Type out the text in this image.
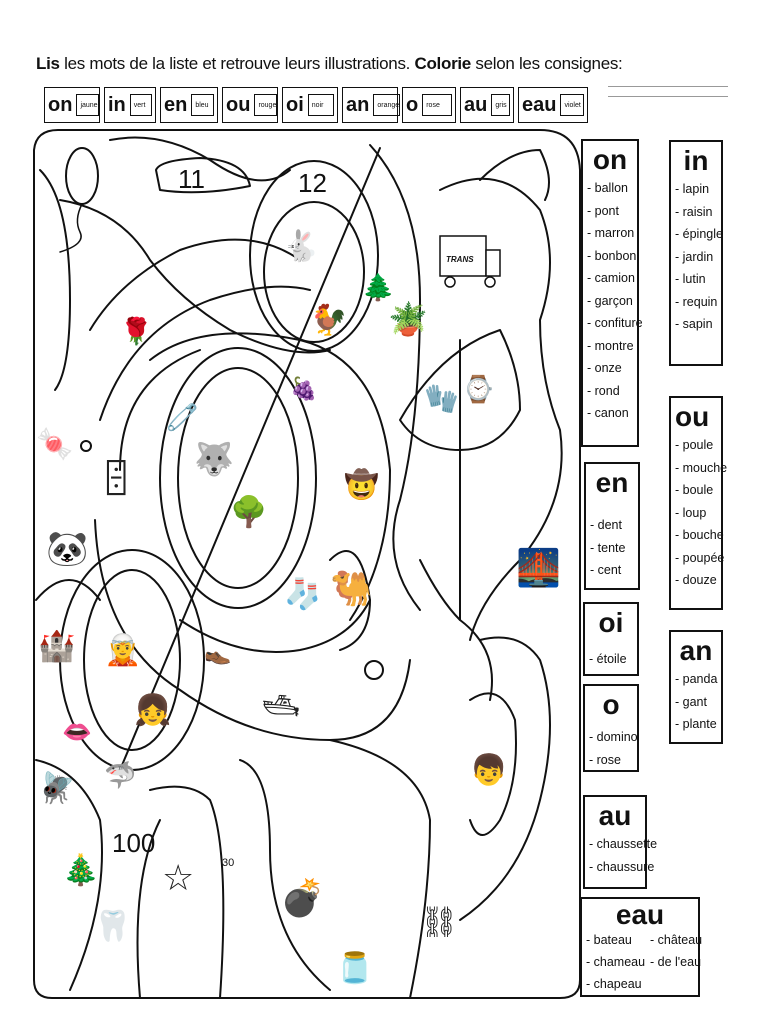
Lis les mots de la liste et retrouve leurs illustrations. Colorie selon les consignes:
on	jaune in	vert en	bleu ou	rouge oi	noir	an	orange o	rose	au	gris eau	violet
🐇
🐓
🌲
🪴
🌹
🍇
🧷
🐺
🌳
🁫
🍬
🐼
🤠
🧦 🐫
🏰 🧝
👧
👞
🛥
👄
🦈
🪰
🎄
🦷
☆ 💣
🫙
🧤 ⌚
🌉
👦
⛓
TRANS
11	12
100
30
on
- ballon
- pont
- marron
- bonbon
- camion
- garçon
- confiture
- montre
- onze
- rond
- canon
in
- lapin
- raisin
- épingle
- jardin
- lutin
- requin
- sapin
ou
- poule
- mouche
- boule
- loup
- bouche
- poupée
- douze
en
- dent
- tente
- cent
oi
- étoile an
- panda
- gant
- plante
o
- domino
- rose
au
- chaussette
- chaussure
eau
- bateau	- château
- chameau	- de l'eau
- chapeau
